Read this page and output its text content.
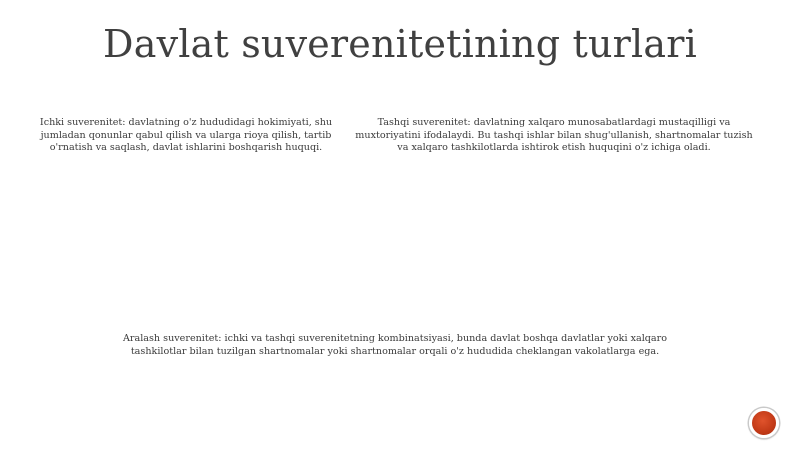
Davlat suverenitetining turlari

Ichki suverenitet: davlatning o'z hududidagi hokimiyati, shu jumladan qonunlar qabul qilish va ularga rioya qilish, tartib o'rnatish va saqlash, davlat ishlarini boshqarish huquqi.

Tashqi suverenitet: davlatning xalqaro munosabatlardagi mustaqilligi va muxtoriyatini ifodalaydi. Bu tashqi ishlar bilan shug'ullanish, shartnomalar tuzish va xalqaro tashkilotlarda ishtirok etish huquqini o'z ichiga oladi.

Aralash suverenitet: ichki va tashqi suverenitetning kombinatsiyasi, bunda davlat boshqa davlatlar yoki xalqaro tashkilotlar bilan tuzilgan shartnomalar yoki shartnomalar orqali o'z hududida cheklangan vakolatlarga ega.
